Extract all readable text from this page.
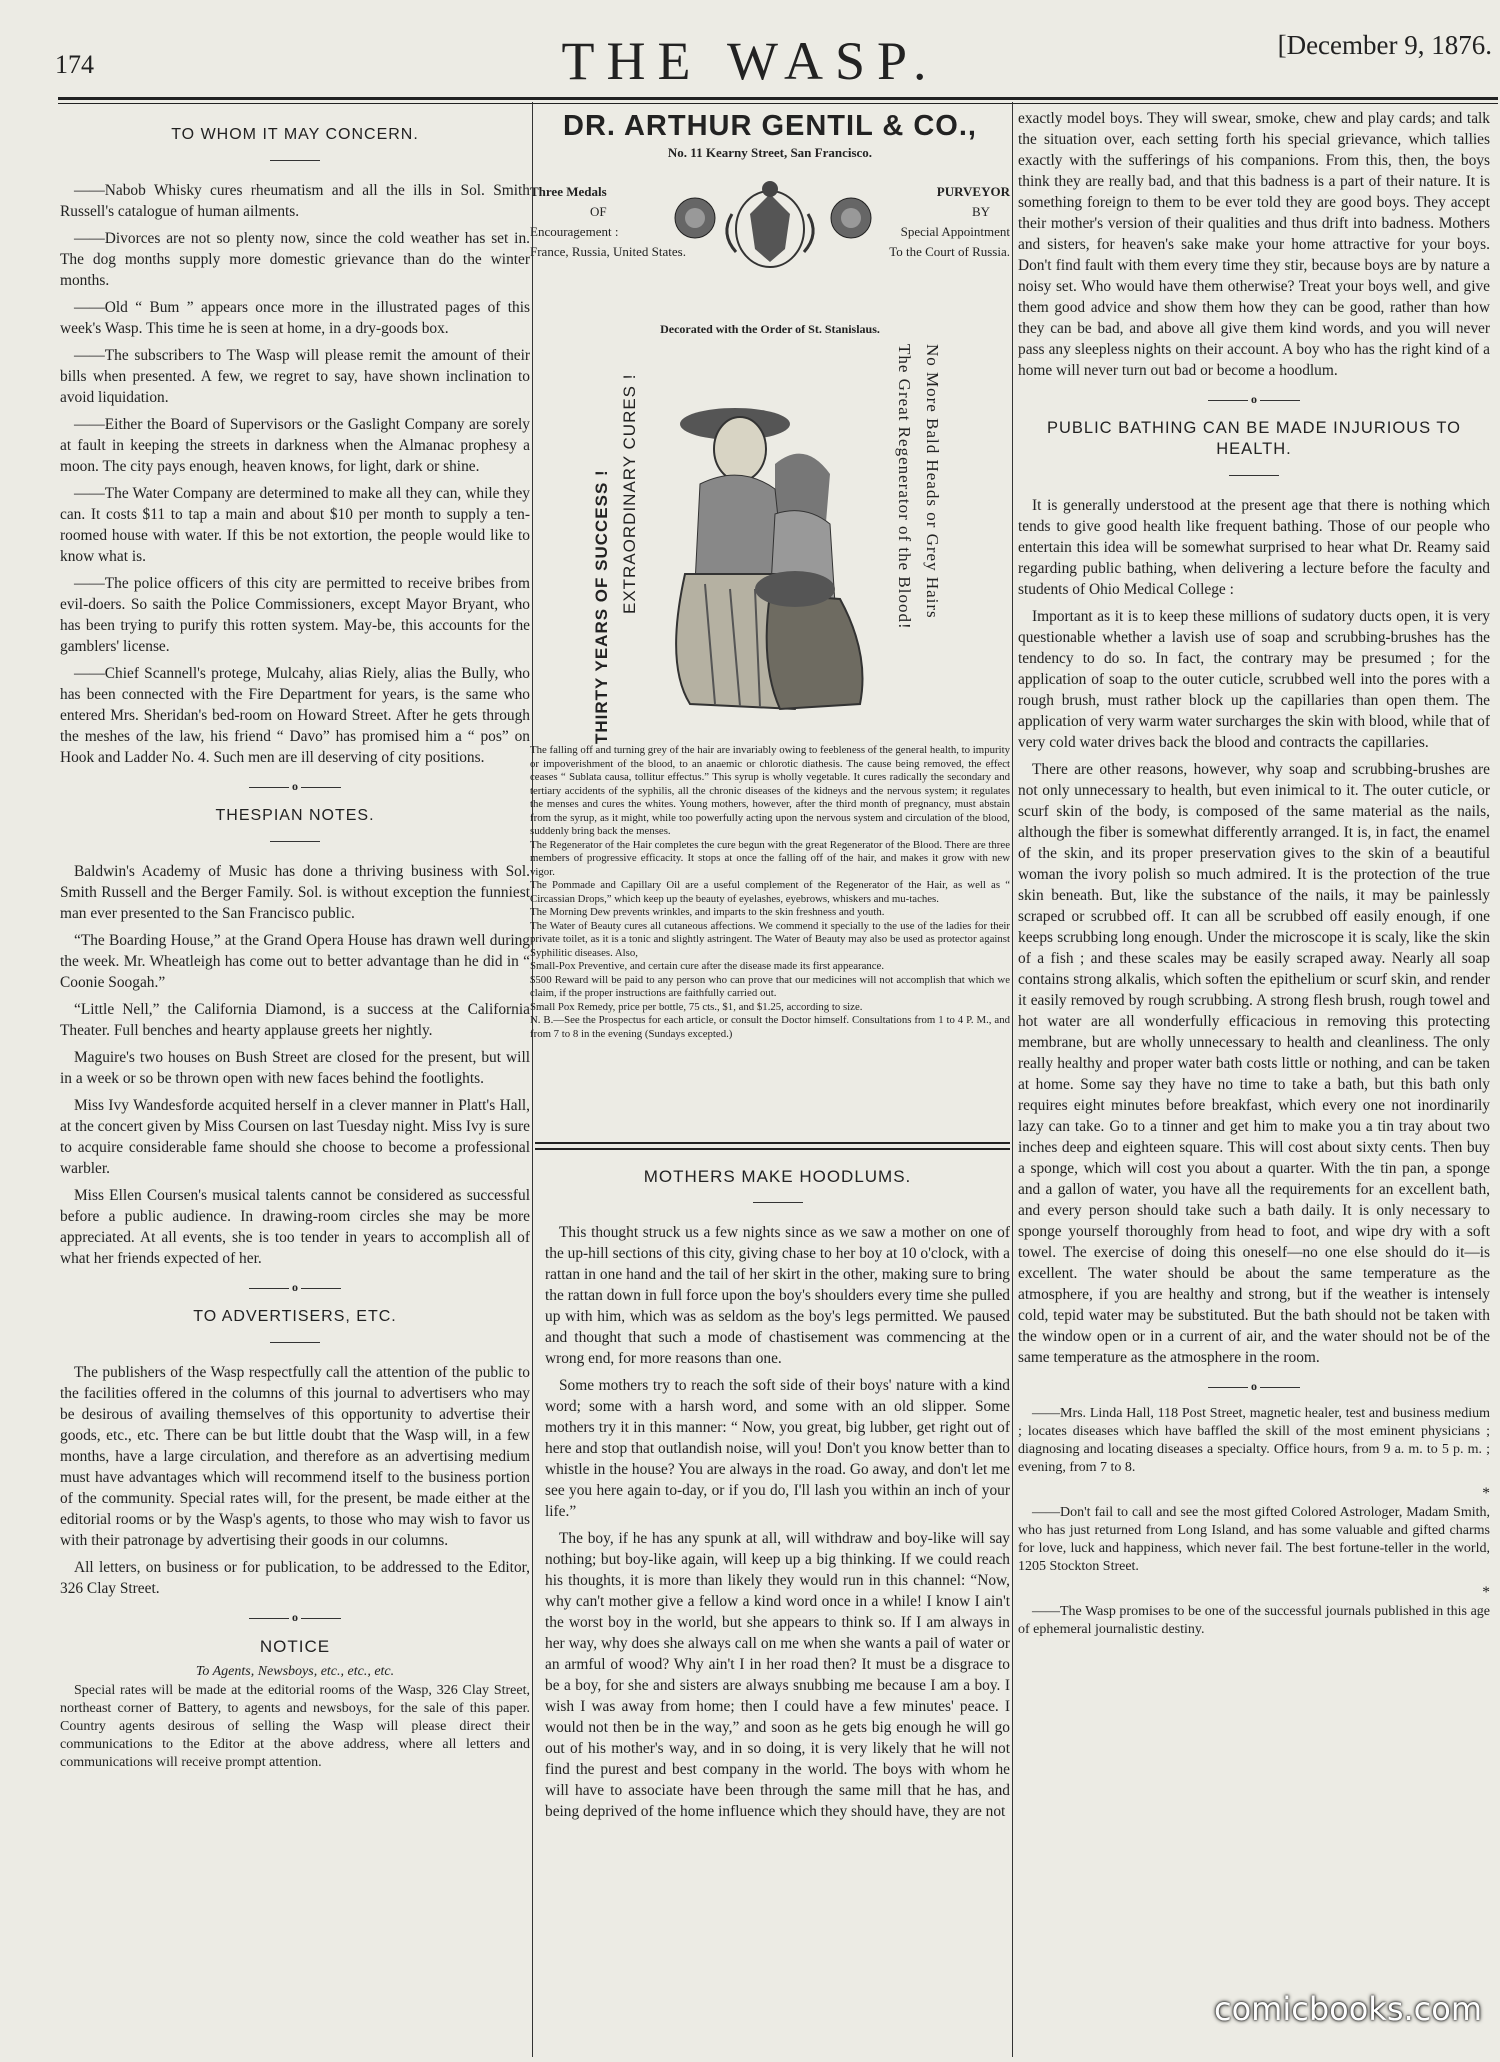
174	THE WASP.	[December 9, 1876.
TO WHOM IT MAY CONCERN.

——Nabob Whisky cures rheumatism and all the ills in Sol. Smith Russell's catalogue of human ailments.

——Divorces are not so plenty now, since the cold weather has set in. The dog months supply more domestic grievance than do the winter months.

——Old “ Bum ” appears once more in the illustrated pages of this week's Wasp. This time he is seen at home, in a dry-goods box.

——The subscribers to The Wasp will please remit the amount of their bills when presented. A few, we regret to say, have shown inclination to avoid liquidation.

——Either the Board of Supervisors or the Gaslight Company are sorely at fault in keeping the streets in darkness when the Almanac prophesy a moon. The city pays enough, heaven knows, for light, dark or shine.

——The Water Company are determined to make all they can, while they can. It costs $11 to tap a main and about $10 per month to supply a ten-roomed house with water. If this be not extortion, the people would like to know what is.

——The police officers of this city are permitted to receive bribes from evil-doers. So saith the Police Commissioners, except Mayor Bryant, who has been trying to purify this rotten system. May-be, this accounts for the gamblers' license.

——Chief Scannell's protege, Mulcahy, alias Riely, alias the Bully, who has been connected with the Fire Department for years, is the same who entered Mrs. Sheridan's bed-room on Howard Street. After he gets through the meshes of the law, his friend “ Davo” has promised him a “ pos” on Hook and Ladder No. 4. Such men are ill deserving of city positions.

o
THESPIAN NOTES.

Baldwin's Academy of Music has done a thriving business with Sol. Smith Russell and the Berger Family. Sol. is without exception the funniest man ever presented to the San Francisco public.

“The Boarding House,” at the Grand Opera House has drawn well during the week. Mr. Wheatleigh has come out to better advantage than he did in “ Coonie Soogah.”

“Little Nell,” the California Diamond, is a success at the California Theater. Full benches and hearty applause greets her nightly.

Maguire's two houses on Bush Street are closed for the present, but will in a week or so be thrown open with new faces behind the footlights.

Miss Ivy Wandesforde acquited herself in a clever manner in Platt's Hall, at the concert given by Miss Coursen on last Tuesday night. Miss Ivy is sure to acquire considerable fame should she choose to become a professional warbler.

Miss Ellen Coursen's musical talents cannot be considered as successful before a public audience. In drawing-room circles she may be more appreciated. At all events, she is too tender in years to accomplish all of what her friends expected of her.

o
TO ADVERTISERS, ETC.

The publishers of the Wasp respectfully call the attention of the public to the facilities offered in the columns of this journal to advertisers who may be desirous of availing themselves of this opportunity to advertise their goods, etc., etc. There can be but little doubt that the Wasp will, in a few months, have a large circulation, and therefore as an advertising medium must have advantages which will recommend itself to the business portion of the community. Special rates will, for the present, be made either at the editorial rooms or by the Wasp's agents, to those who may wish to favor us with their patronage by advertising their goods in our columns.

All letters, on business or for publication, to be addressed to the Editor, 326 Clay Street.

o
NOTICE
To Agents, Newsboys, etc., etc., etc.

Special rates will be made at the editorial rooms of the Wasp, 326 Clay Street, northeast corner of Battery, to agents and newsboys, for the sale of this paper. Country agents desirous of selling the Wasp will please direct their communications to the Editor at the above address, where all letters and communications will receive prompt attention.

DR. ARTHUR GENTIL & CO.,
No. 11 Kearny Street, San Francisco.
Three Medals
OF
Encouragement :
France, Russia, United States.
PURVEYOR
BY
Special Appointment
To the Court of Russia.
Decorated with the Order of St. Stanislaus.
THIRTY YEARS OF SUCCESS ! EXTRAORDINARY CURES !	No More Bald Heads or Grey Hairs
The Great Regenerator of the Blood!

The falling off and turning grey of the hair are invariably owing to feebleness of the general health, to impurity or impoverishment of the blood, to an anaemic or chlorotic diathesis. The cause being removed, the effect ceases “ Sublata causa, tollitur effectus.” This syrup is wholly vegetable. It cures radically the secondary and tertiary accidents of the syphilis, all the chronic diseases of the kidneys and the nervous system; it regulates the menses and cures the whites. Young mothers, however, after the third month of pregnancy, must abstain from the syrup, as it might, while too powerfully acting upon the nervous system and circulation of the blood, suddenly bring back the menses.

The Regenerator of the Hair completes the cure begun with the great Regenerator of the Blood. There are three members of progressive efficacity. It stops at once the falling off of the hair, and makes it grow with new vigor.

The Pommade and Capillary Oil are a useful complement of the Regenerator of the Hair, as well as “ Circassian Drops,” which keep up the beauty of eyelashes, eyebrows, whiskers and mu-taches.

The Morning Dew prevents wrinkles, and imparts to the skin freshness and youth.

The Water of Beauty cures all cutaneous affections. We commend it specially to the use of the ladies for their private toilet, as it is a tonic and slightly astringent. The Water of Beauty may also be used as protector against Syphilitic diseases. Also,

Small-Pox Preventive, and certain cure after the disease made its first appearance.

$500 Reward will be paid to any person who can prove that our medicines will not accomplish that which we claim, if the proper instructions are faithfully carried out.

Small Pox Remedy, price per bottle, 75 cts., $1, and $1.25, according to size.

N. B.—See the Prospectus for each article, or consult the Doctor himself. Consultations from 1 to 4 P. M., and from 7 to 8 in the evening (Sundays excepted.)

MOTHERS MAKE HOODLUMS.

This thought struck us a few nights since as we saw a mother on one of the up-hill sections of this city, giving chase to her boy at 10 o'clock, with a rattan in one hand and the tail of her skirt in the other, making sure to bring the rattan down in full force upon the boy's shoulders every time she pulled up with him, which was as seldom as the boy's legs permitted. We paused and thought that such a mode of chastisement was commencing at the wrong end, for more reasons than one.

Some mothers try to reach the soft side of their boys' nature with a kind word; some with a harsh word, and some with an old slipper. Some mothers try it in this manner: “ Now, you great, big lubber, get right out of here and stop that outlandish noise, will you! Don't you know better than to whistle in the house? You are always in the road. Go away, and don't let me see you here again to-day, or if you do, I'll lash you within an inch of your life.”

The boy, if he has any spunk at all, will withdraw and boy-like will say nothing; but boy-like again, will keep up a big thinking. If we could reach his thoughts, it is more than likely they would run in this channel: “Now, why can't mother give a fellow a kind word once in a while! I know I ain't the worst boy in the world, but she appears to think so. If I am always in her way, why does she always call on me when she wants a pail of water or an armful of wood? Why ain't I in her road then? It must be a disgrace to be a boy, for she and sisters are always snubbing me because I am a boy. I wish I was away from home; then I could have a few minutes' peace. I would not then be in the way,” and soon as he gets big enough he will go out of his mother's way, and in so doing, it is very likely that he will not find the purest and best company in the world. The boys with whom he will have to associate have been through the same mill that he has, and being deprived of the home influence which they should have, they are not

exactly model boys. They will swear, smoke, chew and play cards; and talk the situation over, each setting forth his special grievance, which tallies exactly with the sufferings of his companions. From this, then, the boys think they are really bad, and that this badness is a part of their nature. It is something foreign to them to be ever told they are good boys. They accept their mother's version of their qualities and thus drift into badness. Mothers and sisters, for heaven's sake make your home attractive for your boys. Don't find fault with them every time they stir, because boys are by nature a noisy set. Who would have them otherwise? Treat your boys well, and give them good advice and show them how they can be good, rather than how they can be bad, and above all give them kind words, and you will never pass any sleepless nights on their account. A boy who has the right kind of a home will never turn out bad or become a hoodlum.

o
PUBLIC BATHING CAN BE MADE INJURIOUS TO HEALTH.

It is generally understood at the present age that there is nothing which tends to give good health like frequent bathing. Those of our people who entertain this idea will be somewhat surprised to hear what Dr. Reamy said regarding public bathing, when delivering a lecture before the faculty and students of Ohio Medical College :

Important as it is to keep these millions of sudatory ducts open, it is very questionable whether a lavish use of soap and scrubbing-brushes has the tendency to do so. In fact, the contrary may be presumed ; for the application of soap to the outer cuticle, scrubbed well into the pores with a rough brush, must rather block up the capillaries than open them. The application of very warm water surcharges the skin with blood, while that of very cold water drives back the blood and contracts the capillaries.

There are other reasons, however, why soap and scrubbing-brushes are not only unnecessary to health, but even inimical to it. The outer cuticle, or scurf skin of the body, is composed of the same material as the nails, although the fiber is somewhat differently arranged. It is, in fact, the enamel of the skin, and its proper preservation gives to the skin of a beautiful woman the ivory polish so much admired. It is the protection of the true skin beneath. But, like the substance of the nails, it may be painlessly scraped or scrubbed off. It can all be scrubbed off easily enough, if one keeps scrubbing long enough. Under the microscope it is scaly, like the skin of a fish ; and these scales may be easily scraped away. Nearly all soap contains strong alkalis, which soften the epithelium or scurf skin, and render it easily removed by rough scrubbing. A strong flesh brush, rough towel and hot water are all wonderfully efficacious in removing this protecting membrane, but are wholly unnecessary to health and cleanliness. The only really healthy and proper water bath costs little or nothing, and can be taken at home. Some say they have no time to take a bath, but this bath only requires eight minutes before breakfast, which every one not inordinarily lazy can take. Go to a tinner and get him to make you a tin tray about two inches deep and eighteen square. This will cost about sixty cents. Then buy a sponge, which will cost you about a quarter. With the tin pan, a sponge and a gallon of water, you have all the requirements for an excellent bath, and every person should take such a bath daily. It is only necessary to sponge yourself thoroughly from head to foot, and wipe dry with a soft towel. The exercise of doing this oneself—no one else should do it—is excellent. The water should be about the same temperature as the atmosphere, if you are healthy and strong, but if the weather is intensely cold, tepid water may be substituted. But the bath should not be taken with the window open or in a current of air, and the water should not be of the same temperature as the atmosphere in the room.

o

——Mrs. Linda Hall, 118 Post Street, magnetic healer, test and business medium ; locates diseases which have baffled the skill of the most eminent physicians ; diagnosing and locating diseases a specialty. Office hours, from 9 a. m. to 5 p. m. ; evening, from 7 to 8.

*

——Don't fail to call and see the most gifted Colored Astrologer, Madam Smith, who has just returned from Long Island, and has some valuable and gifted charms for love, luck and happiness, which never fail. The best fortune-teller in the world, 1205 Stockton Street.

*

——The Wasp promises to be one of the successful journals published in this age of ephemeral journalistic destiny.

comicbooks.com
